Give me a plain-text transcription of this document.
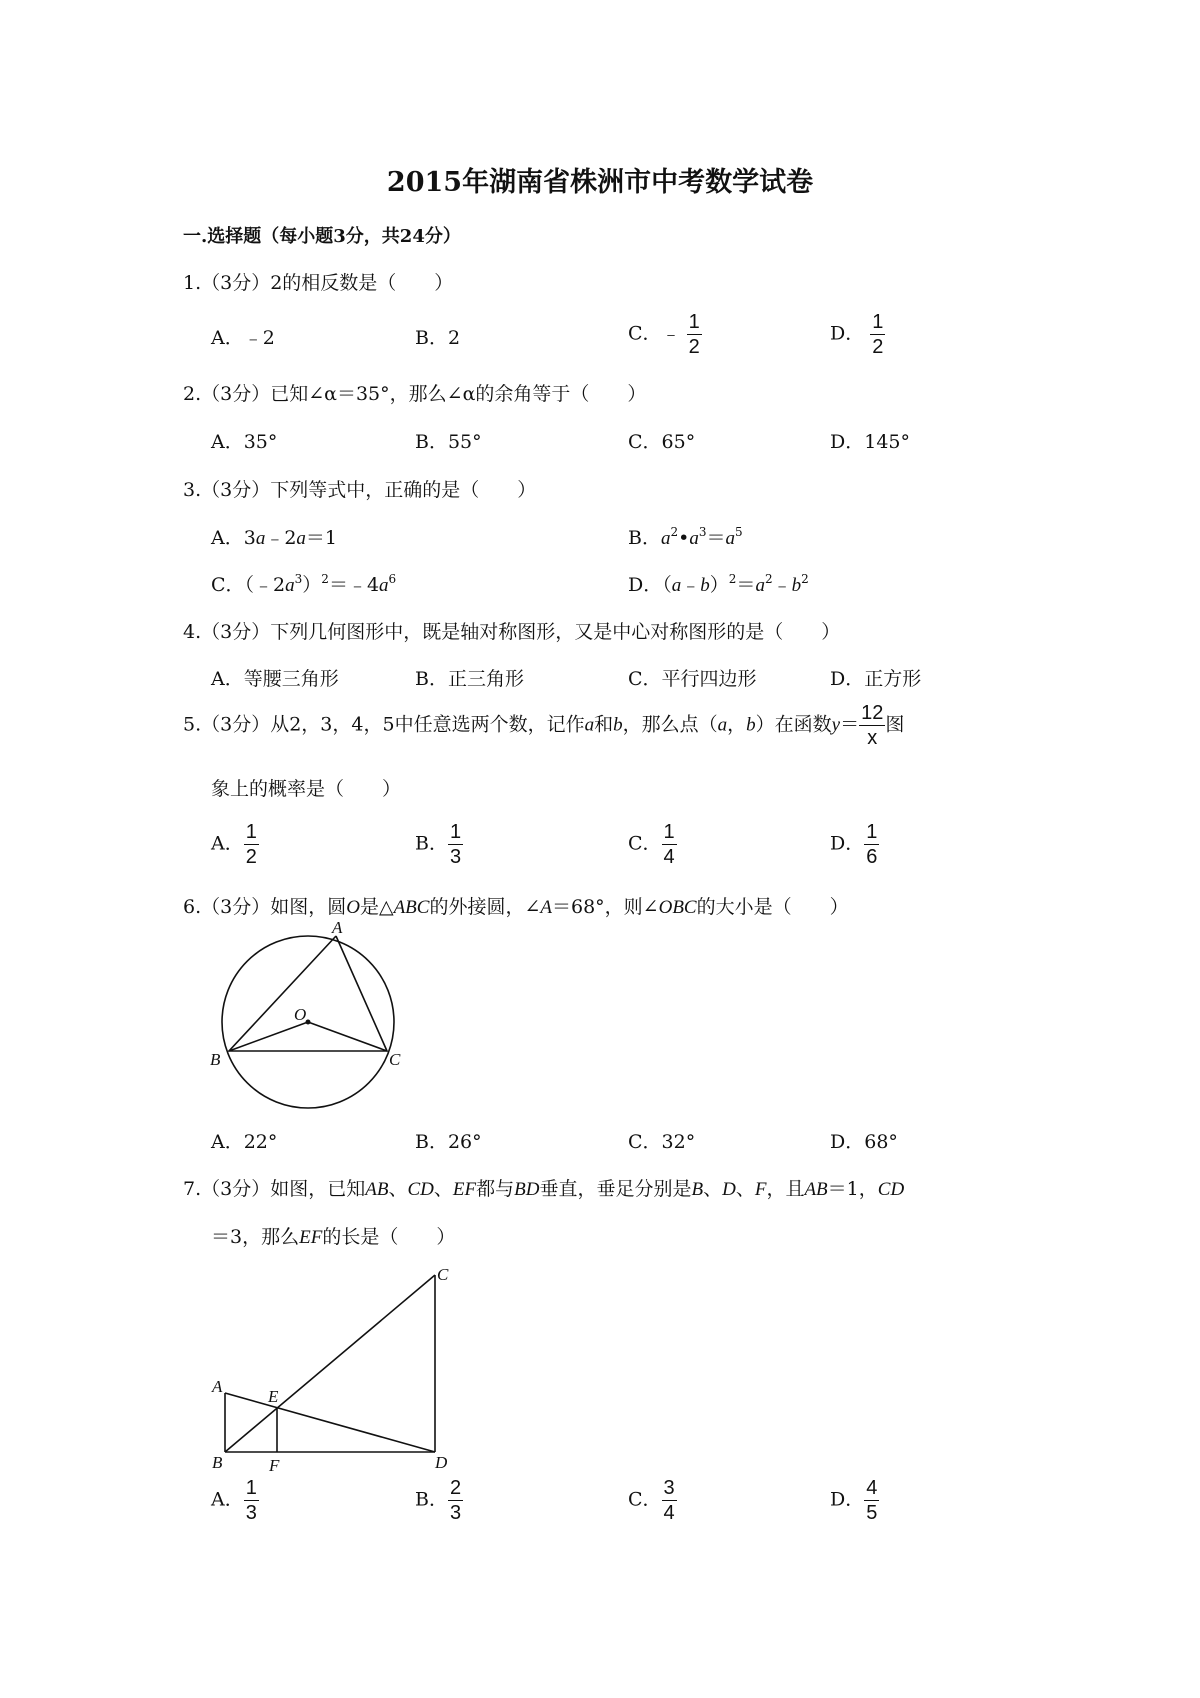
2015年湖南省株洲市中考数学试卷
一.选择题（每小题3分，共24分）
1.（3分）2的相反数是（　　）
A．﹣2	B．2	C．﹣ $\frac{1}{2}$	D． $\frac{1}{2}$
2.（3分）已知∠α＝35°，那么∠α的余角等于（　　）
A．35°	B．55°	C．65°	D．145°
3.（3分）下列等式中，正确的是（　　）
A．3a﹣2a＝1	B．$a^2•a^3=a^5$
C．$(﹣2a^3)^2=﹣4a^6$	D．$(a﹣b)^2=a^2﹣b^2$
4.（3分）下列几何图形中，既是轴对称图形，又是中心对称图形的是（　　）
A．等腰三角形	B．正三角形	C．平行四边形	D．正方形
5.（3分）从2，3，4，5中任意选两个数，记作a和b，那么点（a，b）在函数$y= \frac{12}{x}$ 图
象上的概率是（　　）
A． $\frac{1}{2}$	B． $\frac{1}{3}$	C． $\frac{1}{4}$	D． $\frac{1}{6}$
6.（3分）如图，圆O是△ABC的外接圆，∠A＝68°，则∠OBC的大小是（　　）
A
B	C
O
A．22°	B．26°	C．32°	D．68°
7.（3分）如图，已知AB、CD、EF都与BD垂直，垂足分别是B、D、F，且AB＝1，CD
＝3，那么EF的长是（　　）
A
B
C
D
E
F
A． $\frac{1}{3}$	B． $\frac{2}{3}$	C． $\frac{3}{4}$	D． $\frac{4}{5}$
